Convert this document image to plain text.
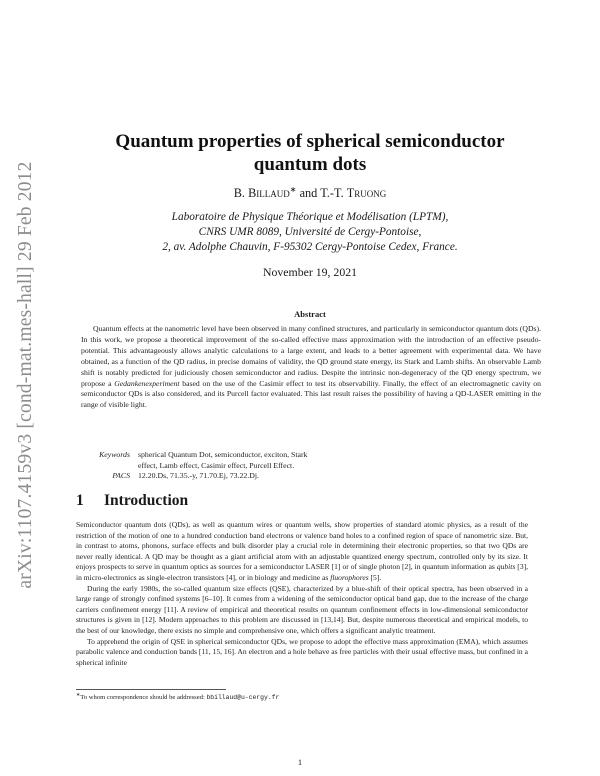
arXiv:1107.4159v3 [cond-mat.mes-hall] 29 Feb 2012
Quantum properties of spherical semiconductor
quantum dots
B. Billaud∗ and T.-T. Truong
Laboratoire de Physique Théorique et Modélisation (LPTM),
CNRS UMR 8089, Université de Cergy-Pontoise,
2, av. Adolphe Chauvin, F-95302 Cergy-Pontoise Cedex, France.
November 19, 2021
Abstract
Quantum effects at the nanometric level have been observed in many confined structures, and particularly in semiconductor quantum dots (QDs). In this work, we propose a theoretical improvement of the so-called effective mass approximation with the introduction of an effective pseudo-potential. This advantageously allows analytic calculations to a large extent, and leads to a better agreement with experimental data. We have obtained, as a function of the QD radius, in precise domains of validity, the QD ground state energy, its Stark and Lamb shifts. An observable Lamb shift is notably predicted for judiciously chosen semiconductor and radius. Despite the intrinsic non-degeneracy of the QD energy spectrum, we propose a Gedankenexperiment based on the use of the Casimir effect to test its observability. Finally, the effect of an electromagnetic cavity on semiconductor QDs is also considered, and its Purcell factor evaluated. This last result raises the possibility of having a QD-LASER emitting in the range of visible light.
Keywords	spherical Quantum Dot, semiconductor, exciton, Stark effect, Lamb effect, Casimir effect, Purcell Effect.
PACS	12.20.Ds, 71.35.-y, 71.70.Ej, 73.22.Dj.
1 Introduction

Semiconductor quantum dots (QDs), as well as quantum wires or quantum wells, show properties of standard atomic physics, as a result of the restriction of the motion of one to a hundred conduction band electrons or valence band holes to a confined region of space of nanometric size. But, in contrast to atoms, phonons, surface effects and bulk disorder play a crucial role in determining their electronic properties, so that two QDs are never really identical. A QD may be thought as a giant artificial atom with an adjustable quantized energy spectrum, controlled only by its size. It enjoys prospects to serve in quantum optics as sources for a semiconductor LASER [1] or of single photon [2], in quantum information as qubits [3], in micro-electronics as single-electron transistors [4], or in biology and medicine as fluorophores [5].

During the early 1980s, the so-called quantum size effects (QSE), characterized by a blue-shift of their optical spectra, has been observed in a large range of strongly confined systems [6–10]. It comes from a widening of the semiconductor optical band gap, due to the increase of the charge carriers confinement energy [11]. A review of empirical and theoretical results on quantum confinement effects in low-dimensional semiconductor structures is given in [12]. Modern approaches to this problem are discussed in [13,14]. But, despite numerous theoretical and empirical models, to the best of our knowledge, there exists no simple and comprehensive one, which offers a significant analytic treatment.

To apprehend the origin of QSE in spherical semiconductor QDs, we propose to adopt the effective mass approximation (EMA), which assumes parabolic valence and conduction bands [11, 15, 16]. An electron and a hole behave as free particles with their usual effective mass, but confined in a spherical infinite

∗To whom correspondence should be addressed: bbillaud@u-cergy.fr
1
